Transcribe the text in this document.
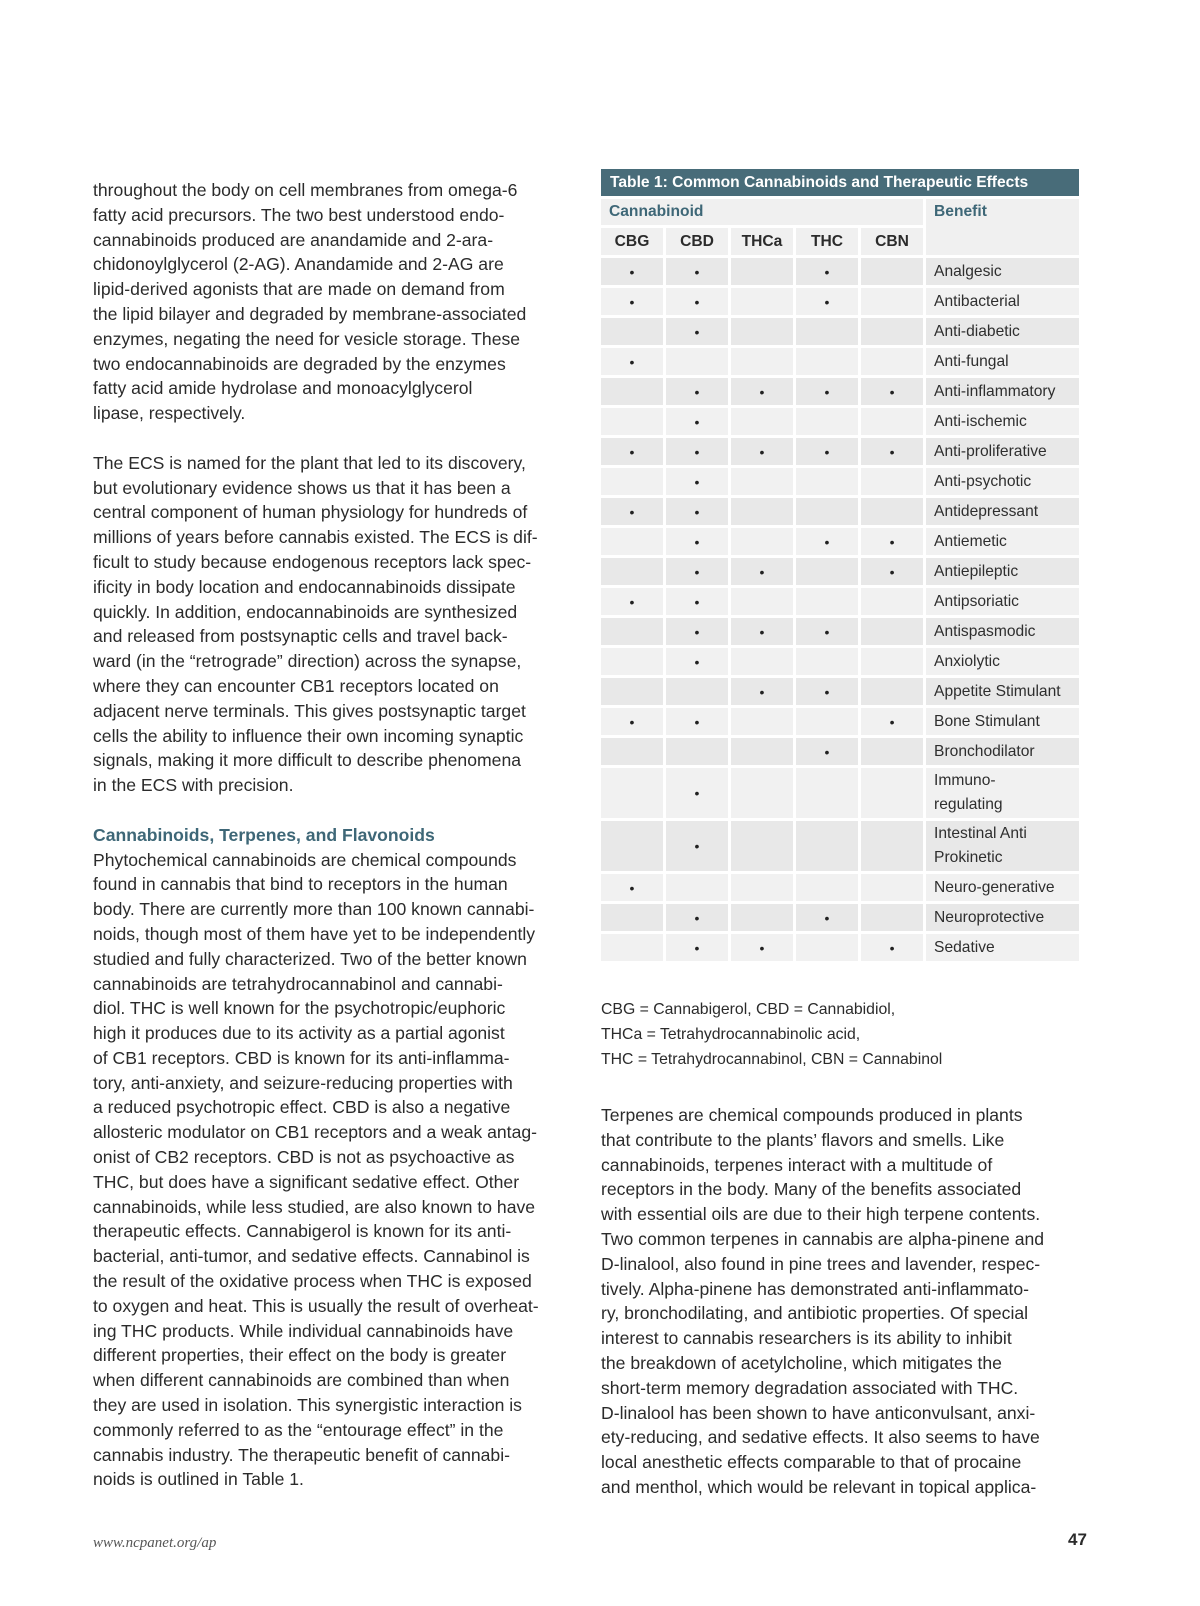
throughout the body on cell membranes from omega-6
fatty acid precursors. The two best understood endo-
cannabinoids produced are anandamide and 2-ara-
chidonoylglycerol (2-AG). Anandamide and 2-AG are
lipid-derived agonists that are made on demand from
the lipid bilayer and degraded by membrane-associated
enzymes, negating the need for vesicle storage. These
two endocannabinoids are degraded by the enzymes
fatty acid amide hydrolase and monoacylglycerol
lipase, respectively.

The ECS is named for the plant that led to its discovery,
but evolutionary evidence shows us that it has been a
central component of human physiology for hundreds of
millions of years before cannabis existed. The ECS is dif-
ficult to study because endogenous receptors lack spec-
ificity in body location and endocannabinoids dissipate
quickly. In addition, endocannabinoids are synthesized
and released from postsynaptic cells and travel back-
ward (in the “retrograde” direction) across the synapse,
where they can encounter CB1 receptors located on
adjacent nerve terminals. This gives postsynaptic target
cells the ability to influence their own incoming synaptic
signals, making it more difficult to describe phenomena
in the ECS with precision.

Cannabinoids, Terpenes, and Flavonoids

Phytochemical cannabinoids are chemical compounds
found in cannabis that bind to receptors in the human
body. There are currently more than 100 known cannabi-
noids, though most of them have yet to be independently
studied and fully characterized. Two of the better known
cannabinoids are tetrahydrocannabinol and cannabi-
diol. THC is well known for the psychotropic/euphoric
high it produces due to its activity as a partial agonist
of CB1 receptors. CBD is known for its anti-inflamma-
tory, anti-anxiety, and seizure-reducing properties with
a reduced psychotropic effect. CBD is also a negative
allosteric modulator on CB1 receptors and a weak antag-
onist of CB2 receptors. CBD is not as psychoactive as
THC, but does have a significant sedative effect. Other
cannabinoids, while less studied, are also known to have
therapeutic effects. Cannabigerol is known for its anti-
bacterial, anti-tumor, and sedative effects. Cannabinol is
the result of the oxidative process when THC is exposed
to oxygen and heat. This is usually the result of overheat-
ing THC products. While individual cannabinoids have
different properties, their effect on the body is greater
when different cannabinoids are combined than when
they are used in isolation. This synergistic interaction is
commonly referred to as the “entourage effect” in the
cannabis industry. The therapeutic benefit of cannabi-
noids is outlined in Table 1.

Table 1: Common Cannabinoids and Therapeutic Effects
Cannabinoid					Benefit
CBG	CBD	THCa	THC	CBN	
•	•		•		Analgesic
•	•		•		Antibacterial
	•				Anti-diabetic
•					Anti-fungal
	•	•	•	•	Anti-inflammatory
	•				Anti-ischemic
•	•	•	•	•	Anti-proliferative
	•				Anti-psychotic
•	•				Antidepressant
	•		•	•	Antiemetic
	•	•		•	Antiepileptic
•	•				Antipsoriatic
	•	•	•		Antispasmodic
	•				Anxiolytic
		•	•		Appetite Stimulant
•	•			•	Bone Stimulant
			•		Bronchodilator
	•				Immuno-
regulating
	•				Intestinal Anti
Prokinetic
•					Neuro-generative
	•		•		Neuroprotective
	•	•		•	Sedative
CBG = Cannabigerol, CBD = Cannabidiol,
THCa = Tetrahydrocannabinolic acid,
THC = Tetrahydrocannabinol, CBN = Cannabinol

Terpenes are chemical compounds produced in plants
that contribute to the plants’ flavors and smells. Like
cannabinoids, terpenes interact with a multitude of
receptors in the body. Many of the benefits associated
with essential oils are due to their high terpene contents.
Two common terpenes in cannabis are alpha-pinene and
D-linalool, also found in pine trees and lavender, respec-
tively. Alpha-pinene has demonstrated anti-inflammato-
ry, bronchodilating, and antibiotic properties. Of special
interest to cannabis researchers is its ability to inhibit
the breakdown of acetylcholine, which mitigates the
short-term memory degradation associated with THC.
D-linalool has been shown to have anticonvulsant, anxi-
ety-reducing, and sedative effects. It also seems to have
local anesthetic effects comparable to that of procaine
and menthol, which would be relevant in topical applica-

www.ncpanet.org/ap	47
